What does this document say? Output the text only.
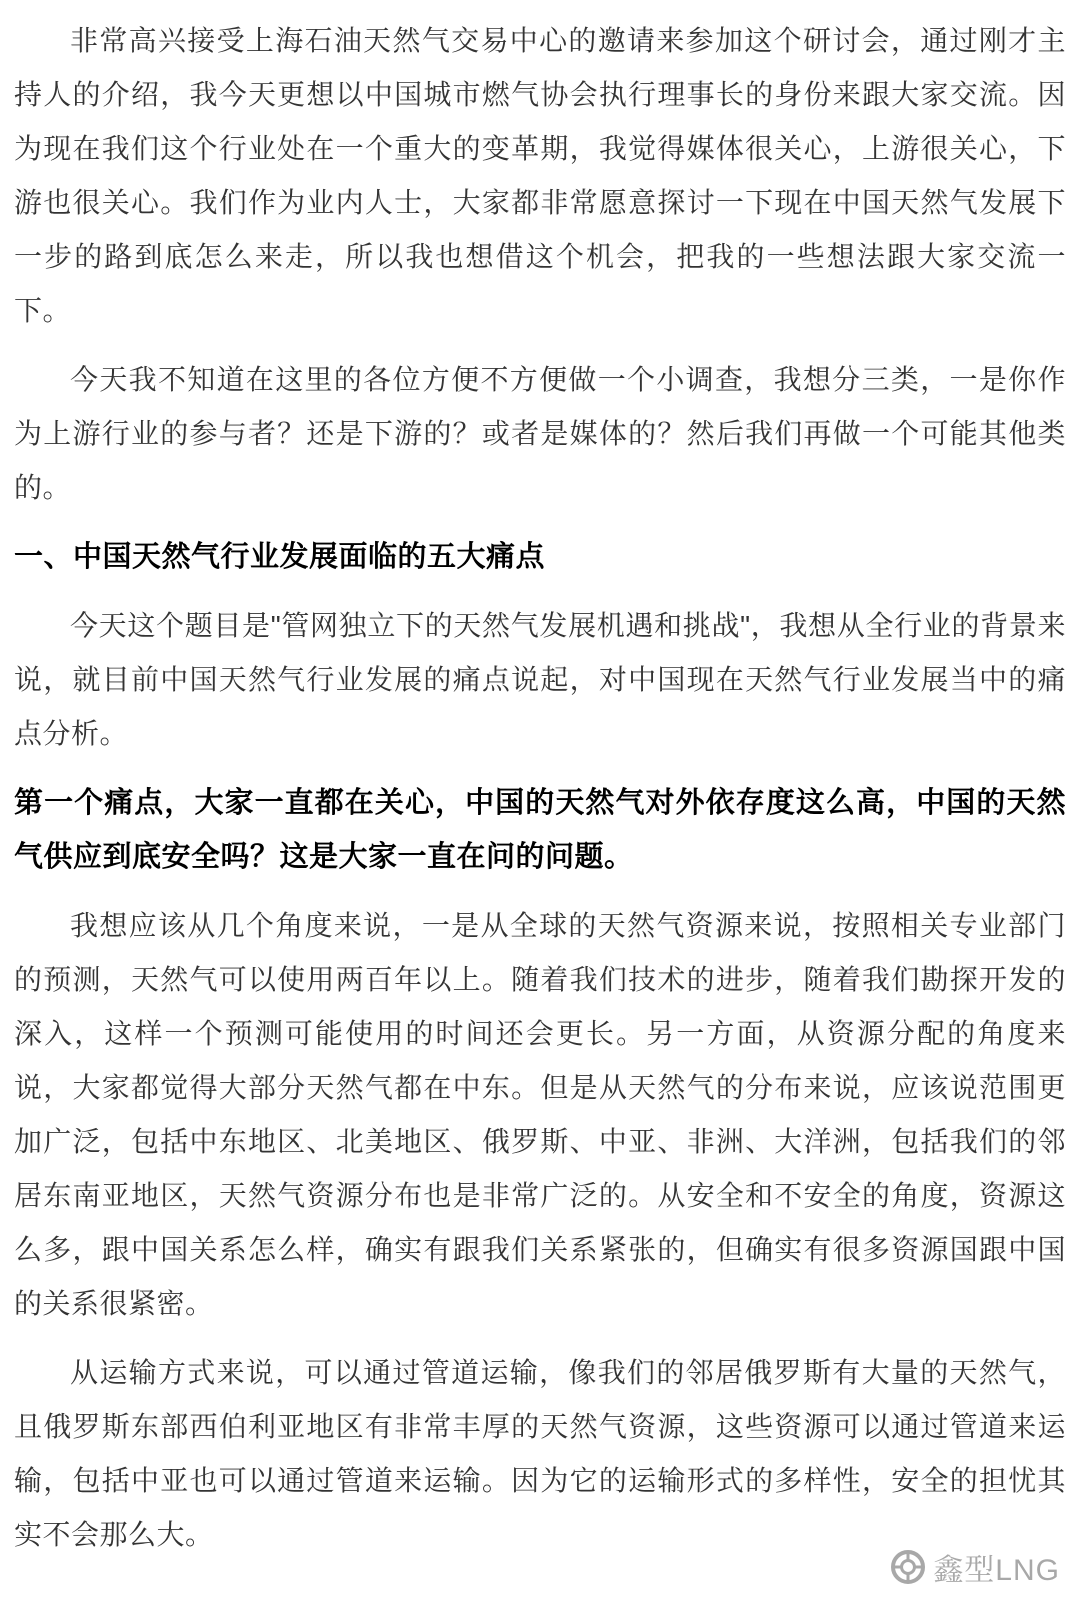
非常高兴接受上海石油天然气交易中心的邀请来参加这个研讨会，通过刚才主持人的介绍，我今天更想以中国城市燃气协会执行理事长的身份来跟大家交流。因为现在我们这个行业处在一个重大的变革期，我觉得媒体很关心，上游很关心，下游也很关心。我们作为业内人士，大家都非常愿意探讨一下现在中国天然气发展下一步的路到底怎么来走，所以我也想借这个机会，把我的一些想法跟大家交流一下。

今天我不知道在这里的各位方便不方便做一个小调查，我想分三类，一是你作为上游行业的参与者？还是下游的？或者是媒体的？然后我们再做一个可能其他类的。

一、中国天然气行业发展面临的五大痛点

今天这个题目是"管网独立下的天然气发展机遇和挑战"，我想从全行业的背景来说，就目前中国天然气行业发展的痛点说起，对中国现在天然气行业发展当中的痛点分析。

第一个痛点，大家一直都在关心，中国的天然气对外依存度这么高，中国的天然气供应到底安全吗？这是大家一直在问的问题。

我想应该从几个角度来说，一是从全球的天然气资源来说，按照相关专业部门的预测，天然气可以使用两百年以上。随着我们技术的进步，随着我们勘探开发的深入，这样一个预测可能使用的时间还会更长。另一方面，从资源分配的角度来说，大家都觉得大部分天然气都在中东。但是从天然气的分布来说，应该说范围更加广泛，包括中东地区、北美地区、俄罗斯、中亚、非洲、大洋洲，包括我们的邻居东南亚地区，天然气资源分布也是非常广泛的。从安全和不安全的角度，资源这么多，跟中国关系怎么样，确实有跟我们关系紧张的，但确实有很多资源国跟中国的关系很紧密。

从运输方式来说，可以通过管道运输，像我们的邻居俄罗斯有大量的天然气，且俄罗斯东部西伯利亚地区有非常丰厚的天然气资源，这些资源可以通过管道来运输，包括中亚也可以通过管道来运输。因为它的运输形式的多样性，安全的担忧其实不会那么大。

鑫型LNG
